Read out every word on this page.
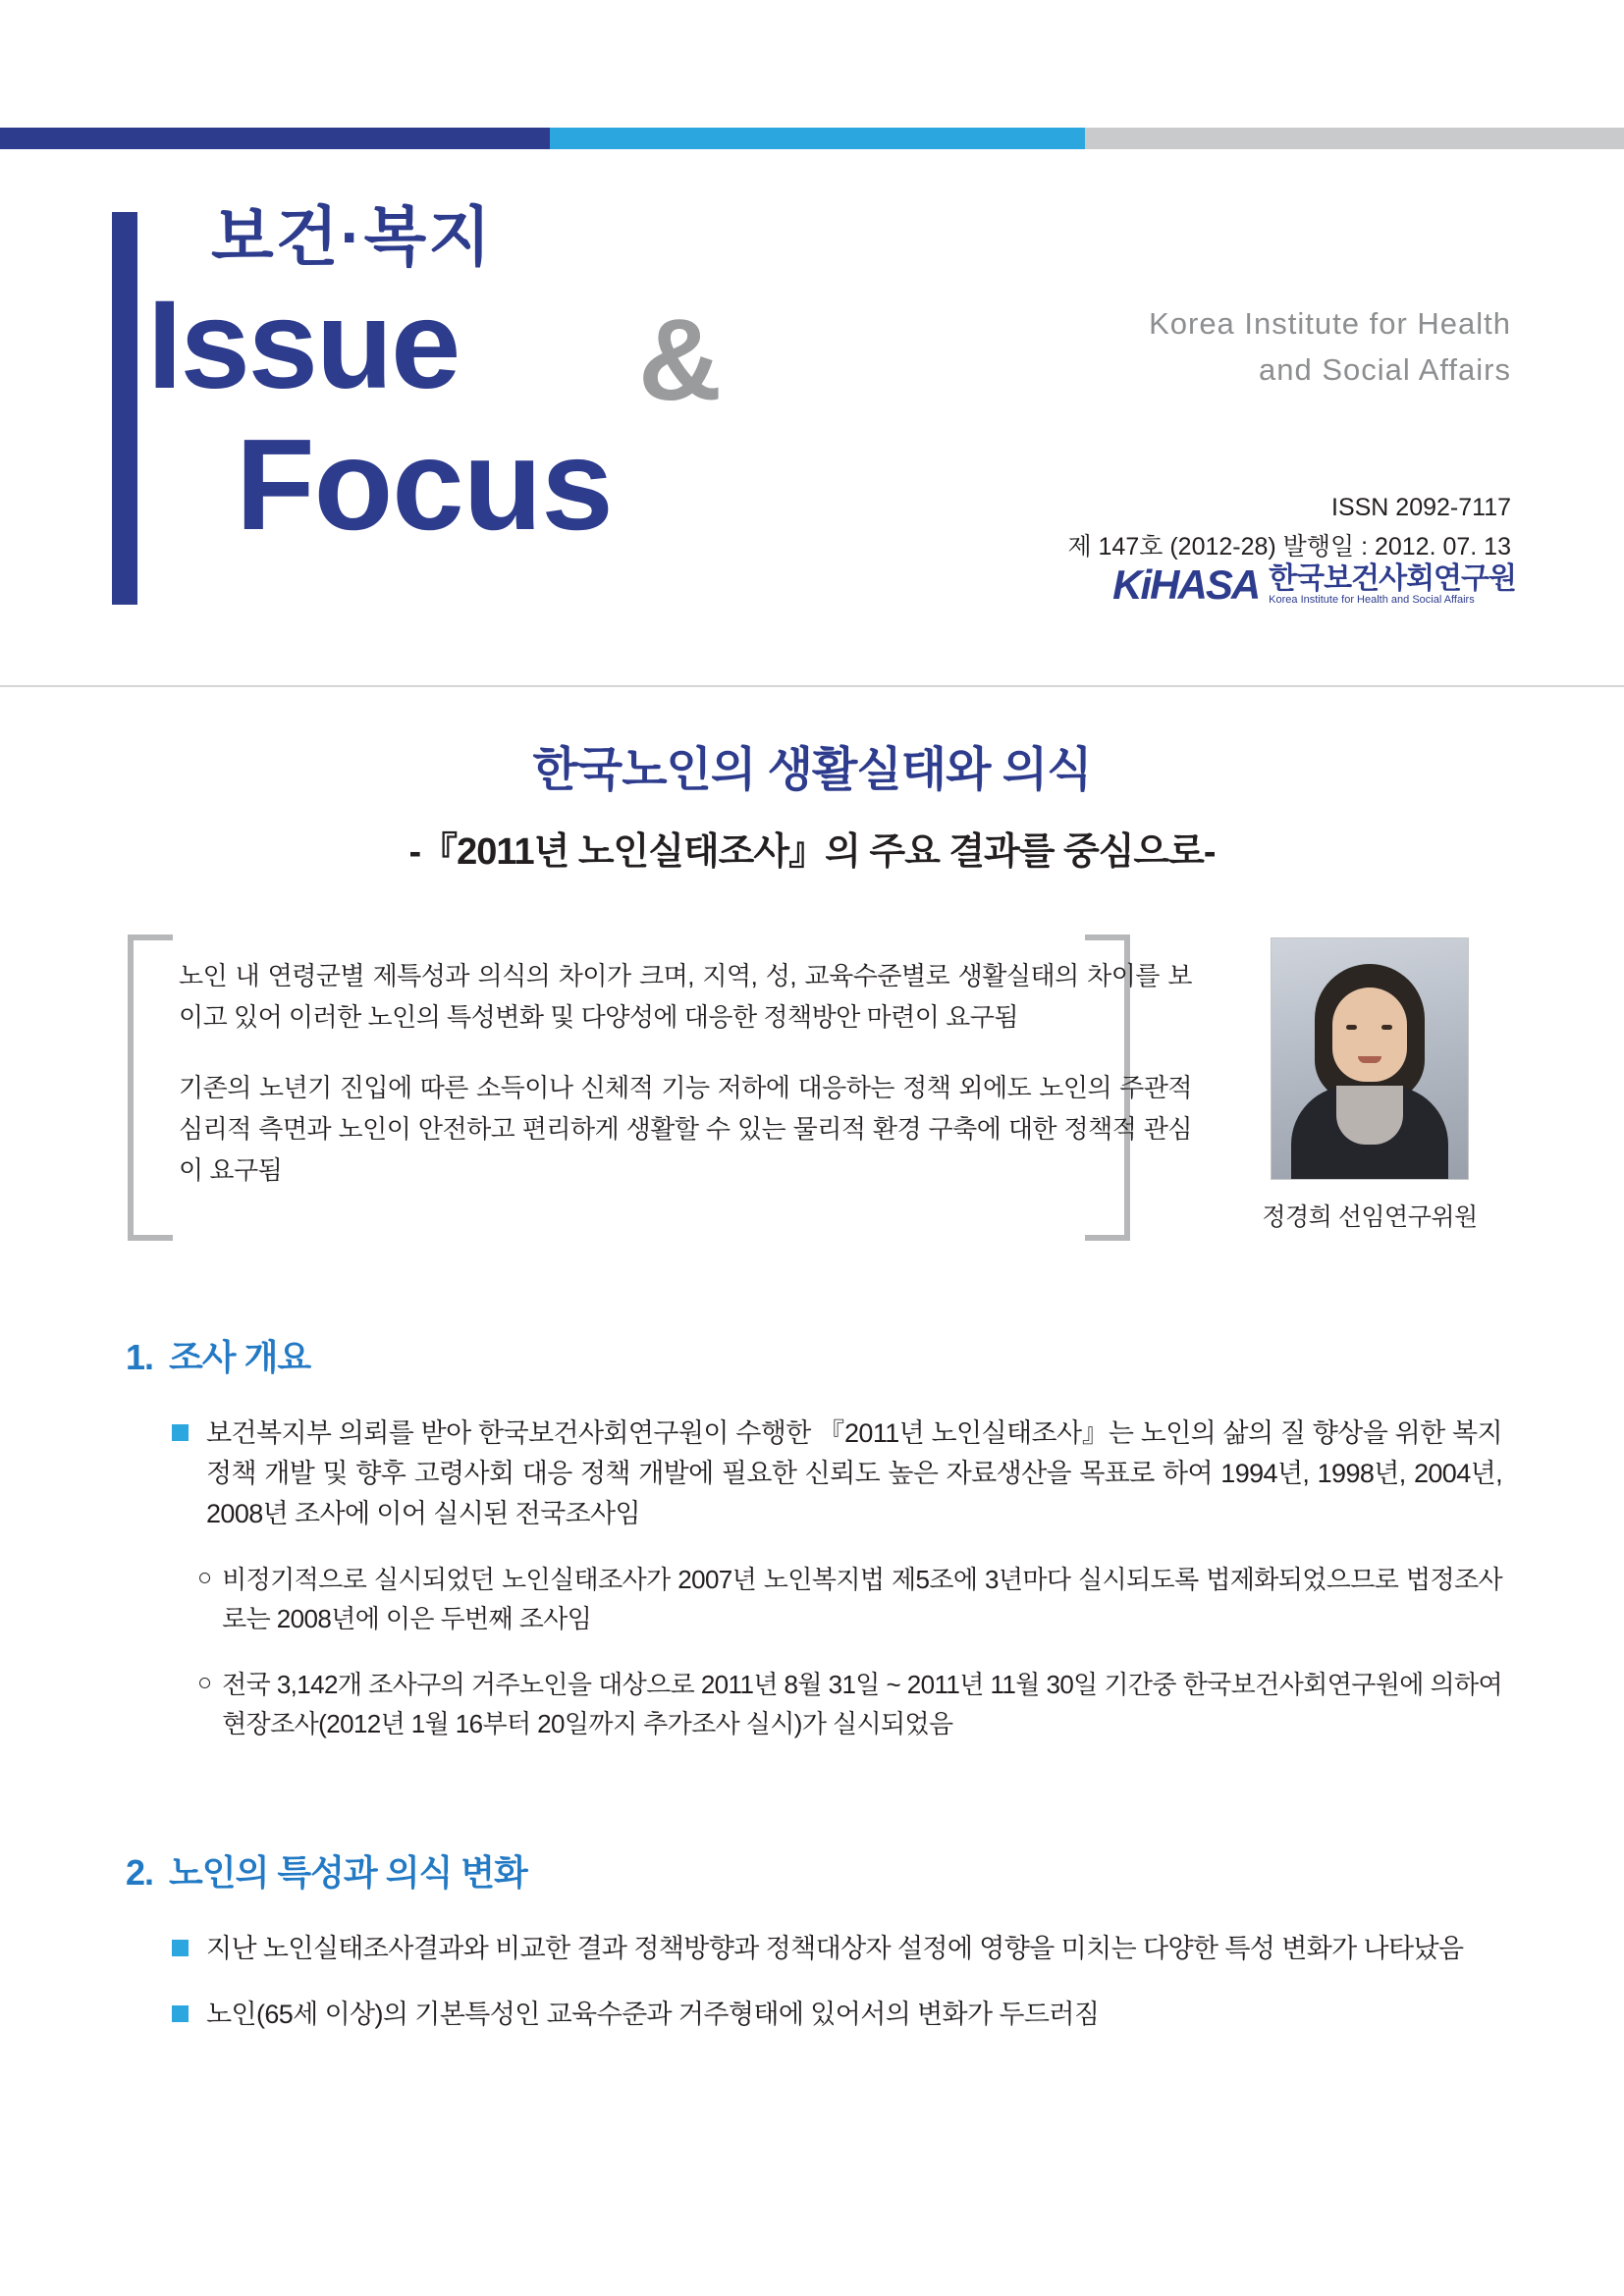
보건·복지
Issue &
Focus
Korea Institute for Health
and Social Affairs
ISSN 2092-7117
제 147호 (2012-28) 발행일 : 2012. 07. 13
KiHASA 한국보건사회연구원
Korea Institute for Health and Social Affairs
한국노인의 생활실태와 의식
-『2011년 노인실태조사』의 주요 결과를 중심으로-

노인 내 연령군별 제특성과 의식의 차이가 크며, 지역, 성, 교육수준별로 생활실태의 차이를 보이고 있어 이러한 노인의 특성변화 및 다양성에 대응한 정책방안 마련이 요구됨

기존의 노년기 진입에 따른 소득이나 신체적 기능 저하에 대응하는 정책 외에도 노인의 주관적 심리적 측면과 노인이 안전하고 편리하게 생활할 수 있는 물리적 환경 구축에 대한 정책적 관심이 요구됨

정경희 선임연구위원
1. 조사 개요
보건복지부 의뢰를 받아 한국보건사회연구원이 수행한 『2011년 노인실태조사』는 노인의 삶의 질 향상을 위한 복지정책 개발 및 향후 고령사회 대응 정책 개발에 필요한 신뢰도 높은 자료생산을 목표로 하여 1994년, 1998년, 2004년, 2008년 조사에 이어 실시된 전국조사임
○ 비정기적으로 실시되었던 노인실태조사가 2007년 노인복지법 제5조에 3년마다 실시되도록 법제화되었으므로 법정조사로는 2008년에 이은 두번째 조사임
○ 전국 3,142개 조사구의 거주노인을 대상으로 2011년 8월 31일 ~ 2011년 11월 30일 기간중 한국보건사회연구원에 의하여 현장조사(2012년 1월 16부터 20일까지 추가조사 실시)가 실시되었음
2. 노인의 특성과 의식 변화
지난 노인실태조사결과와 비교한 결과 정책방향과 정책대상자 설정에 영향을 미치는 다양한 특성 변화가 나타났음
노인(65세 이상)의 기본특성인 교육수준과 거주형태에 있어서의 변화가 두드러짐
